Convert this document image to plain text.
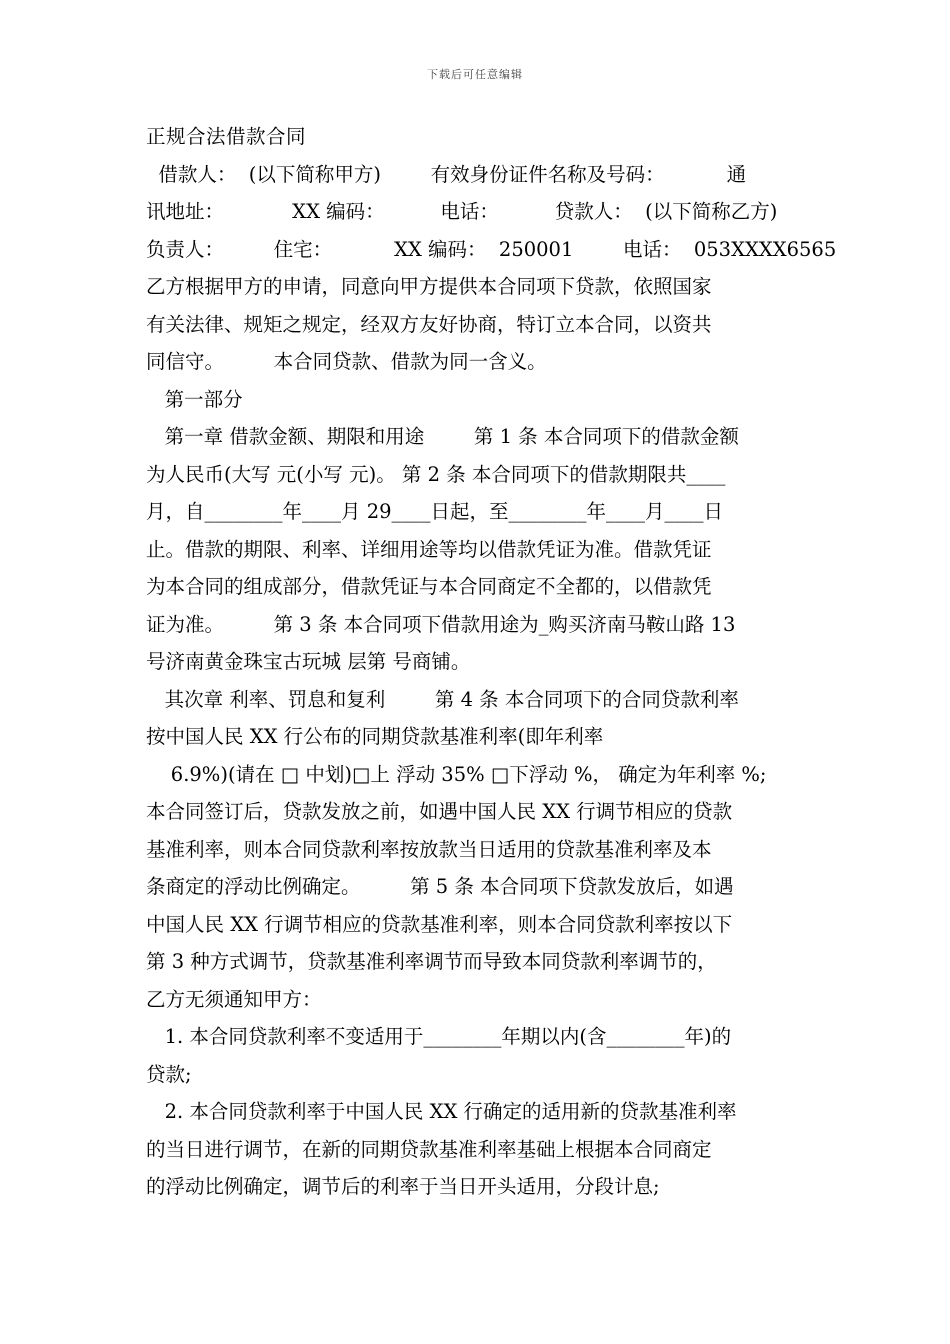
下载后可任意编辑
正规合法借款合同
借款人：  (以下简称甲方)        有效身份证件名称及号码：          通
讯地址：           XX 编码：         电话：         贷款人：  (以下简称乙方)
负责人：        住宅：          XX 编码：  250001        电话：  053XXXX6565
乙方根据甲方的申请，同意向甲方提供本合同项下贷款，依照国家
有关法律、规矩之规定，经双方友好协商，特订立本合同，以资共
同信守。        本合同贷款、借款为同一含义。
第一部分
第一章 借款金额、期限和用途        第 1 条 本合同项下的借款金额
为人民币(大写 元(小写 元)。 第 2 条 本合同项下的借款期限共____
月，自________年____月 29____日起，至________年____月____日
止。借款的期限、利率、详细用途等均以借款凭证为准。借款凭证
为本合同的组成部分，借款凭证与本合同商定不全都的，以借款凭
证为准。        第 3 条 本合同项下借款用途为_购买济南马鞍山路 13
号济南黄金珠宝古玩城 层第 号商铺。
其次章 利率、罚息和复利        第 4 条 本合同项下的合同贷款利率
按中国人民 XX 行公布的同期贷款基准利率(即年利率
6.9%)(请在 □ 中划)□上 浮动 35% □下浮动 %， 确定为年利率 %;
本合同签订后，贷款发放之前，如遇中国人民 XX 行调节相应的贷款
基准利率，则本合同贷款利率按放款当日适用的贷款基准利率及本
条商定的浮动比例确定。        第 5 条 本合同项下贷款发放后，如遇
中国人民 XX 行调节相应的贷款基准利率，则本合同贷款利率按以下
第 3 种方式调节，贷款基准利率调节而导致本同贷款利率调节的，
乙方无须通知甲方：
1. 本合同贷款利率不变适用于________年期以内(含________年)的
贷款;
2. 本合同贷款利率于中国人民 XX 行确定的适用新的贷款基准利率
的当日进行调节，在新的同期贷款基准利率基础上根据本合同商定
的浮动比例确定，调节后的利率于当日开头适用，分段计息;
